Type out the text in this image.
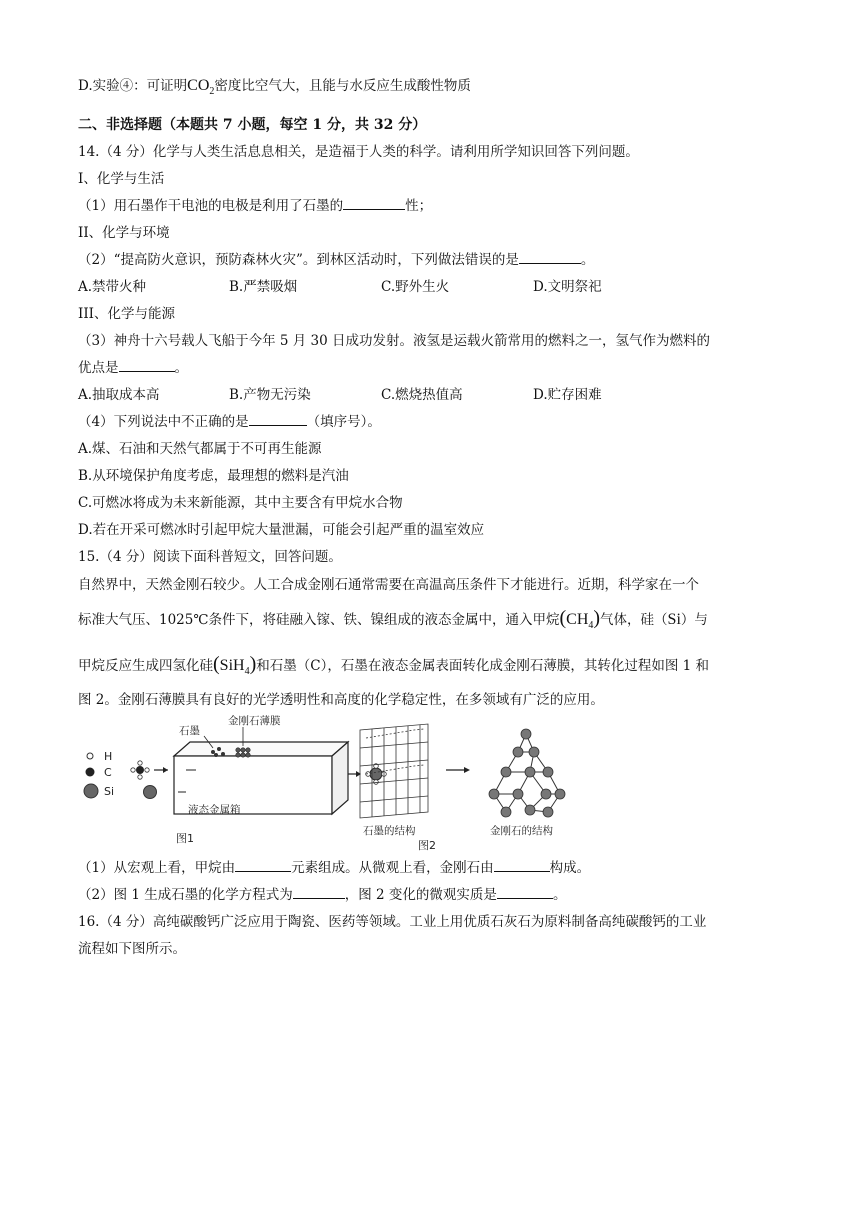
D.实验④：可证明$CO_2$密度比空气大，且能与水反应生成酸性物质
二、非选择题（本题共 7 小题，每空 1 分，共 32 分）
14.（4 分）化学与人类生活息息相关，是造福于人类的科学。请利用所学知识回答下列问题。
I、化学与生活
（1）用石墨作干电池的电极是利用了石墨的	性；
II、化学与环境
（2）“提高防火意识，预防森林火灾”。到林区活动时，下列做法错误的是	。
A.禁带火种	B.严禁吸烟	C.野外生火	D.文明祭祀
III、化学与能源
（3）神舟十六号载人飞船于今年 5 月 30 日成功发射。液氢是运载火箭常用的燃料之一，氢气作为燃料的
优点是	。
A.抽取成本高	B.产物无污染	C.燃烧热值高	D.贮存困难
（4）下列说法中不正确的是	（填序号）。
A.煤、石油和天然气都属于不可再生能源
B.从环境保护角度考虑，最理想的燃料是汽油
C.可燃冰将成为未来新能源，其中主要含有甲烷水合物
D.若在开采可燃冰时引起甲烷大量泄漏，可能会引起严重的温室效应
15.（4 分）阅读下面科普短文，回答问题。
自然界中，天然金刚石较少。人工合成金刚石通常需要在高温高压条件下才能进行。近期，科学家在一个
标准大气压、1025℃条件下，将硅融入镓、铁、镍组成的液态金属中，通入甲烷$(CH_4)$气体，硅（Si）与
甲烷反应生成四氢化硅(SiH$_4$)和石墨（C），石墨在液态金属表面转化成金刚石薄膜，其转化过程如图 1 和
图 2。金刚石薄膜具有良好的光学透明性和高度的化学稳定性，在多领域有广泛的应用。
H
C
Si
石墨
金刚石薄膜
液态金属箱
图1
石墨的结构
图2
金刚石的结构
（1）从宏观上看，甲烷由	元素组成。从微观上看，金刚石由	构成。
（2）图 1 生成石墨的化学方程式为	，图 2 变化的微观实质是	。
16.（4 分）高纯碳酸钙广泛应用于陶瓷、医药等领域。工业上用优质石灰石为原料制备高纯碳酸钙的工业
流程如下图所示。
